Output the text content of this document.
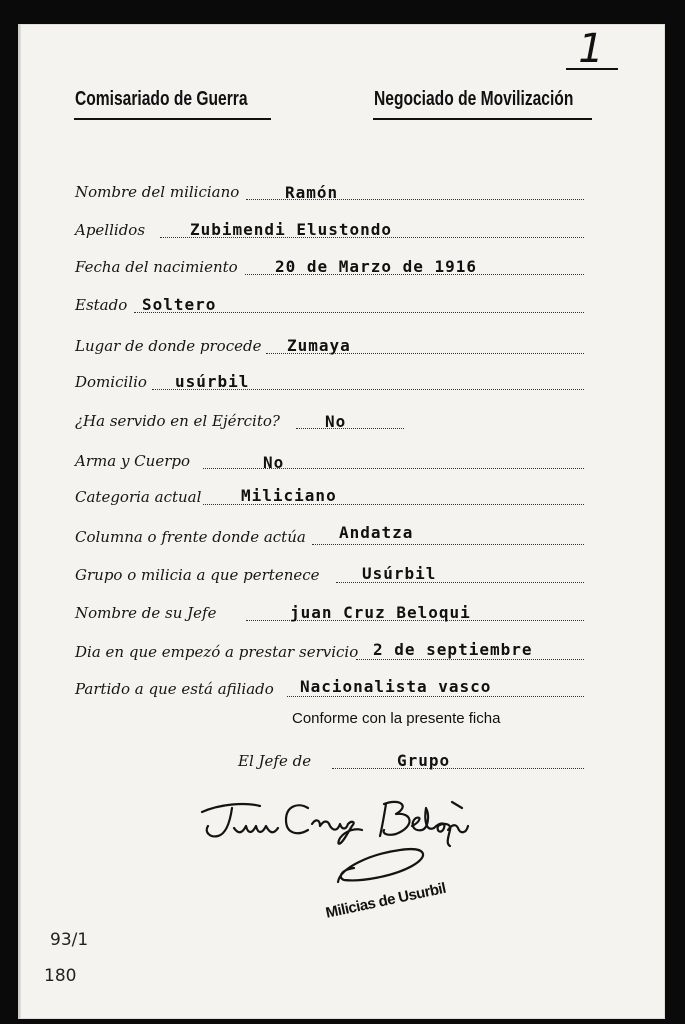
1
Comisariado de Guerra	Negociado de Movilización
Nombre del miliciano	Ramón
Apellidos	Zubimendi Elustondo
Fecha del nacimiento 20 de Marzo de 1916
Estado Soltero
Lugar de donde procede Zumaya
Domicilio usúrbil
¿Ha servido en el Ejército?	No
Arma y Cuerpo	No
Categoria actual Miliciano
Columna o frente donde actúa Andatza
Grupo o milicia a que pertenece	Usúrbil
Nombre de su Jefe	juan Cruz Beloqui
Dia en que empezó a prestar servicio 2 de septiembre
Partido a que está afiliado Nacionalista vasco
Conforme con la presente ficha
El Jefe de	Grupo
Milicias de Usurbil
93/1
180
